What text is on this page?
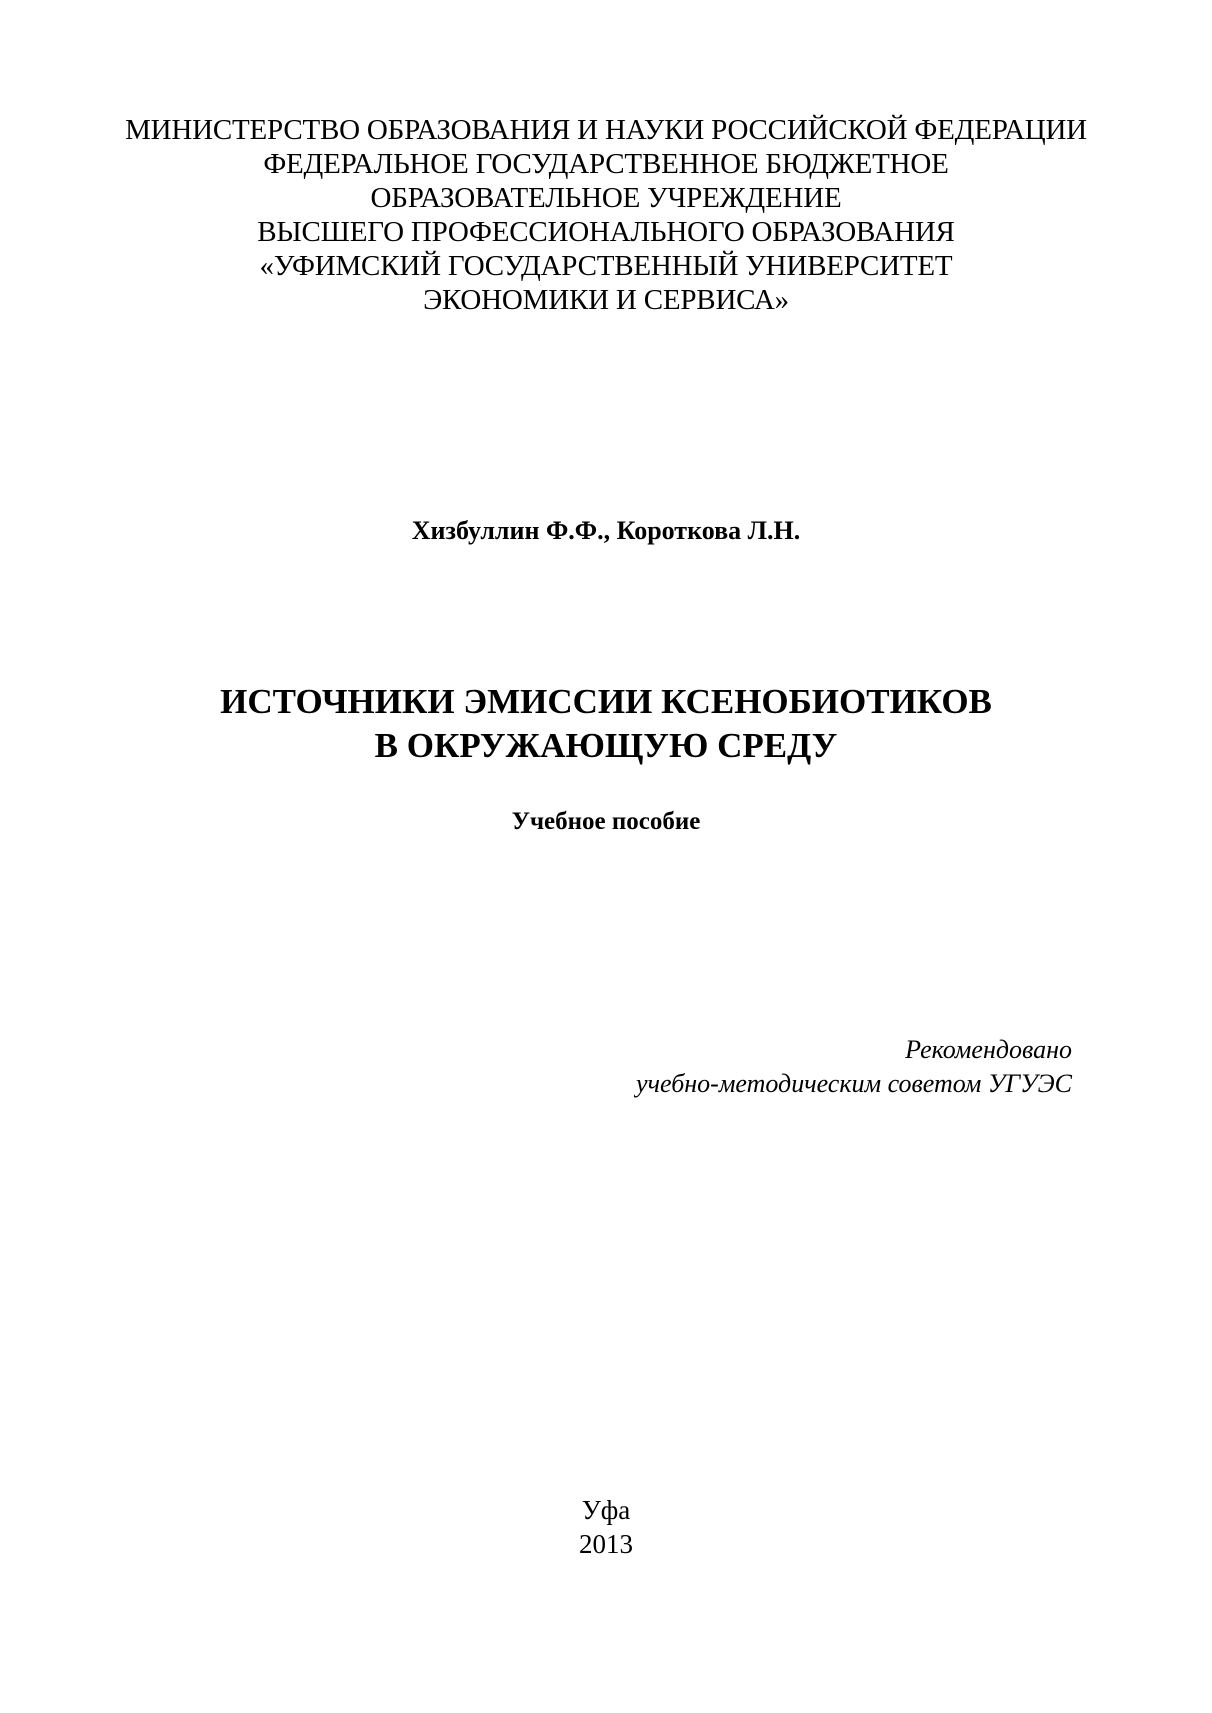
МИНИСТЕРСТВО ОБРАЗОВАНИЯ И НАУКИ РОССИЙСКОЙ ФЕДЕРАЦИИ
ФЕДЕРАЛЬНОЕ ГОСУДАРСТВЕННОЕ БЮДЖЕТНОЕ
ОБРАЗОВАТЕЛЬНОЕ УЧРЕЖДЕНИЕ
ВЫСШЕГО ПРОФЕССИОНАЛЬНОГО ОБРАЗОВАНИЯ
«УФИМСКИЙ ГОСУДАРСТВЕННЫЙ УНИВЕРСИТЕТ
ЭКОНОМИКИ И СЕРВИСА»
Хизбуллин Ф.Ф., Короткова Л.Н.
ИСТОЧНИКИ ЭМИССИИ КСЕНОБИОТИКОВ
В ОКРУЖАЮЩУЮ СРЕДУ
Учебное пособие
Рекомендовано
учебно-методическим советом УГУЭС
Уфа
2013
